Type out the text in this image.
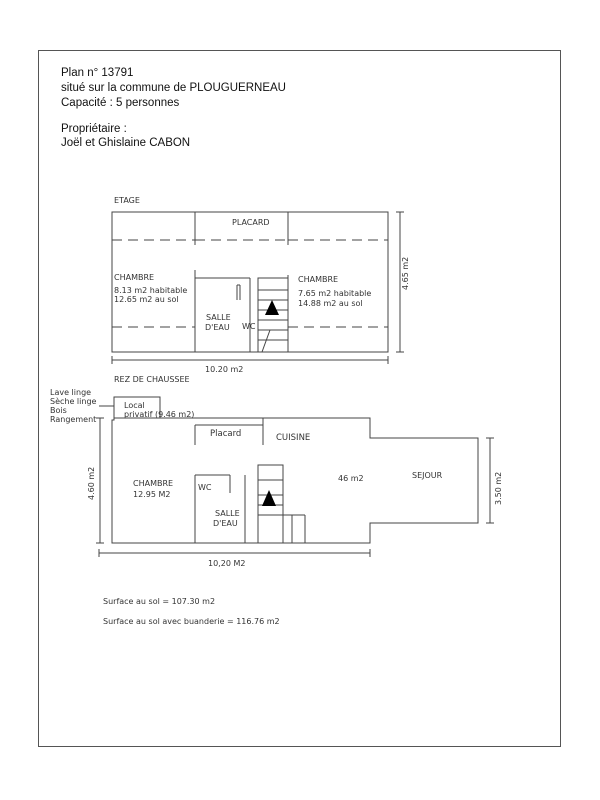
Plan n° 13791
situé sur la commune de PLOUGUERNEAU
Capacité : 5 personnes
Propriétaire :
Joël et Ghislaine CABON
ETAGE
PLACARD
CHAMBRE
8.13 m2 habitable
12.65 m2 au sol
CHAMBRE
7.65 m2 habitable
14.88 m2 au sol
SALLE
D'EAU WC
10.20 m2
4.65 m2
REZ DE CHAUSSEE
Lave linge
Sèche linge
Bois
Rangement
Local
privatif (9.46 m2)
Placard	CUISINE
CHAMBRE
12.95 M2
WC
SALLE
D'EAU
46 m2	SEJOUR
10,20 M2
4.60 m2	3.50 m2
Surface au sol = 107.30 m2
Surface au sol avec buanderie = 116.76 m2
